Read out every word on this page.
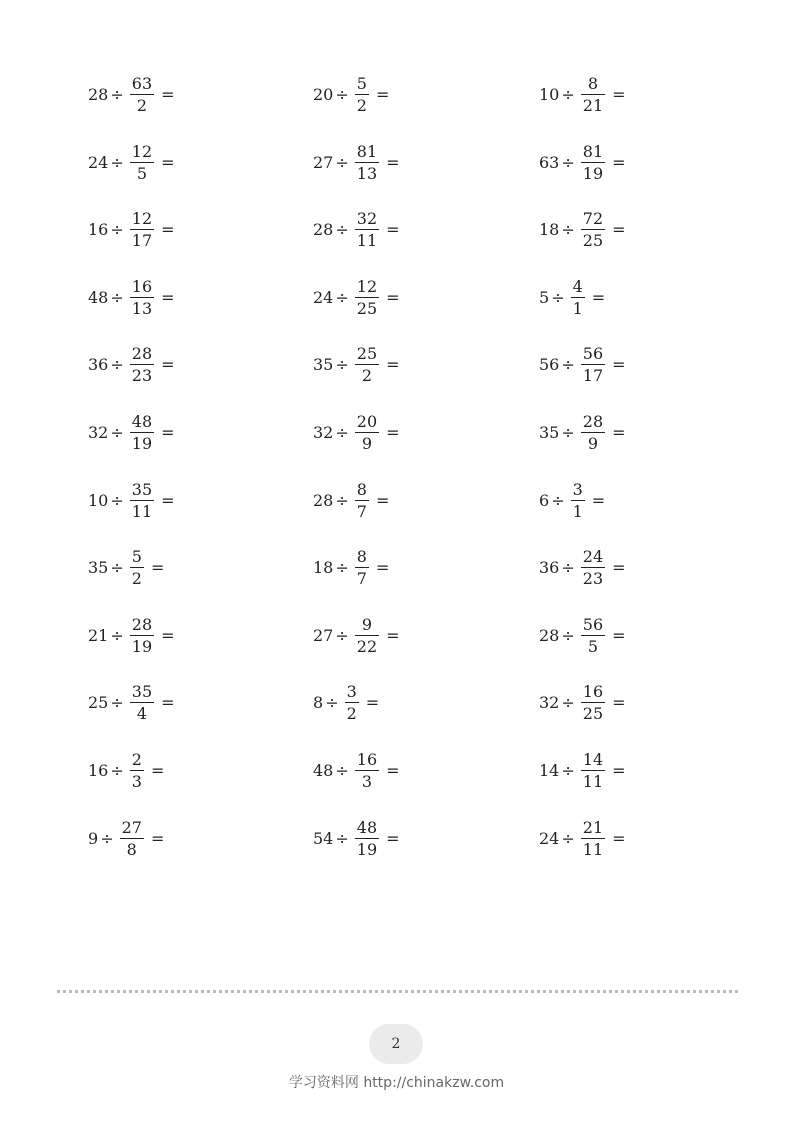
$28 \div \frac{63}{2}$ =	$20 \div \frac{5}{2}$ =	$10 \div \frac{8}{21}$ =
$24 \div \frac{12}{5}$ =	$27 \div \frac{81}{13}$ =	$63 \div \frac{81}{19}$ =
$16 \div \frac{12}{17}$ =	$28 \div \frac{32}{11}$ =	$18 \div \frac{72}{25}$ =
$48 \div \frac{16}{13}$ =	$24 \div \frac{12}{25}$ =	$5 \div \frac{4}{1}$ =
$36 \div \frac{28}{23}$ =	$35 \div \frac{25}{2}$ =	$56 \div \frac{56}{17}$ =
$32 \div \frac{48}{19}$ =	$32 \div \frac{20}{9}$ =	$35 \div \frac{28}{9}$ =
$10 \div \frac{35}{11}$ =	$28 \div \frac{8}{7}$ =	$6 \div \frac{3}{1}$ =
$35 \div \frac{5}{2}$ =	$18 \div \frac{8}{7}$ =	$36 \div \frac{24}{23}$ =
$21 \div \frac{28}{19}$ =	$27 \div \frac{9}{22}$ =	$28 \div \frac{56}{5}$ =
$25 \div \frac{35}{4}$ =	$8 \div \frac{3}{2}$ =	$32 \div \frac{16}{25}$ =
$16 \div \frac{2}{3}$ =	$48 \div \frac{16}{3}$ =	$14 \div \frac{14}{11}$ =
$9 \div \frac{27}{8}$ =	$54 \div \frac{48}{19}$ =	$24 \div \frac{21}{11}$ =
2
学习资料网 http://chinakzw.com
